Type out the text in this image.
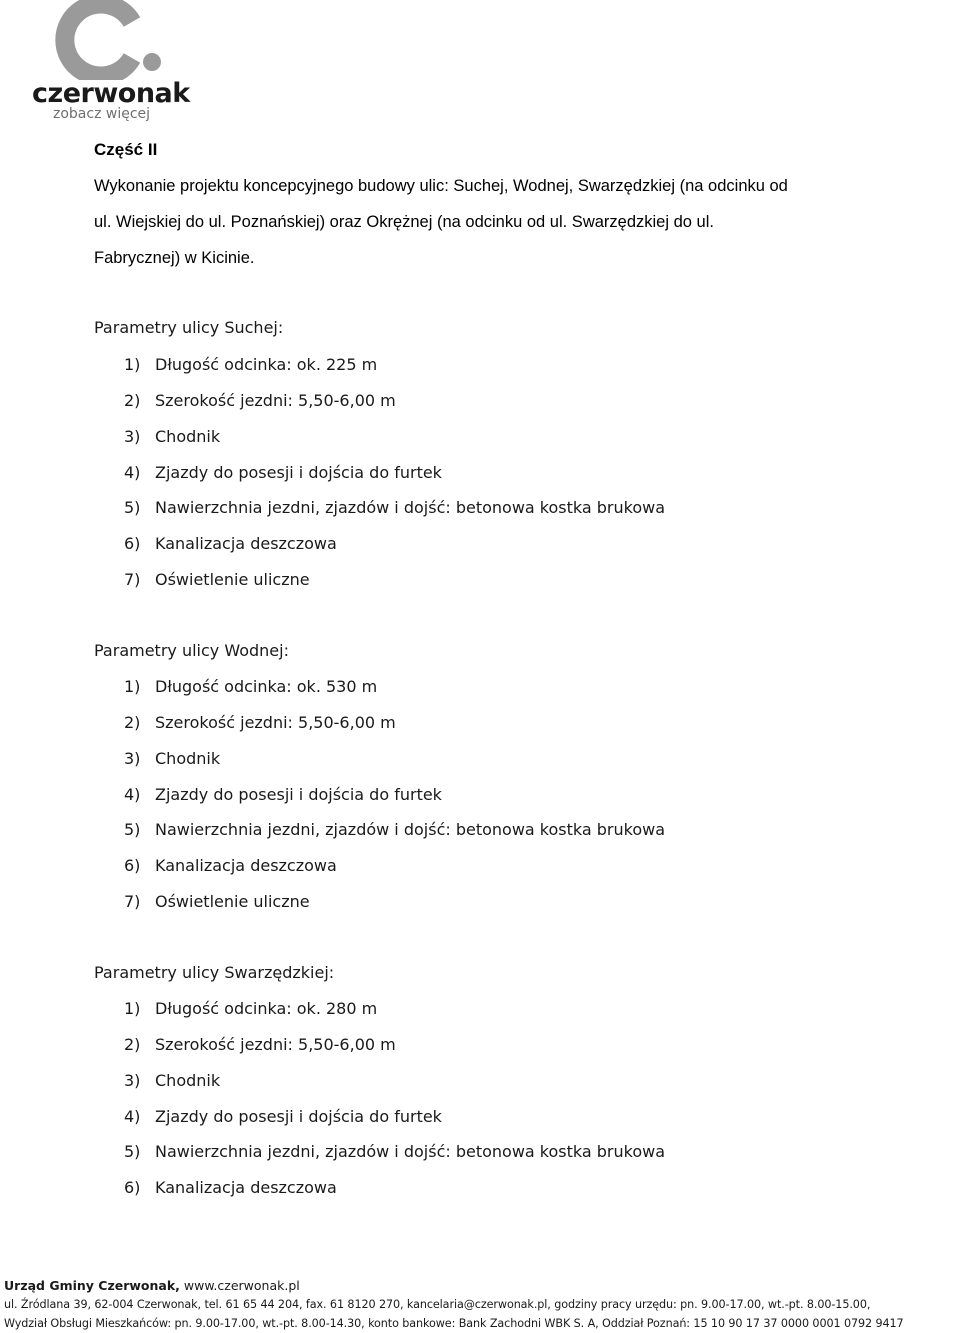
czerwonak
zobacz więcej
Część II
Wykonanie projektu koncepcyjnego budowy ulic: Suchej, Wodnej, Swarzędzkiej (na odcinku od
ul. Wiejskiej do ul. Poznańskiej) oraz Okrężnej (na odcinku od ul. Swarzędzkiej do ul.
Fabrycznej) w Kicinie.
Parametry ulicy Suchej:
1) Długość odcinka: ok. 225 m
2) Szerokość jezdni: 5,50-6,00 m
3) Chodnik
4) Zjazdy do posesji i dojścia do furtek
5) Nawierzchnia jezdni, zjazdów i dojść: betonowa kostka brukowa
6) Kanalizacja deszczowa
7) Oświetlenie uliczne
Parametry ulicy Wodnej:
1) Długość odcinka: ok. 530 m
2) Szerokość jezdni: 5,50-6,00 m
3) Chodnik
4) Zjazdy do posesji i dojścia do furtek
5) Nawierzchnia jezdni, zjazdów i dojść: betonowa kostka brukowa
6) Kanalizacja deszczowa
7) Oświetlenie uliczne
Parametry ulicy Swarzędzkiej:
1) Długość odcinka: ok. 280 m
2) Szerokość jezdni: 5,50-6,00 m
3) Chodnik
4) Zjazdy do posesji i dojścia do furtek
5) Nawierzchnia jezdni, zjazdów i dojść: betonowa kostka brukowa
6) Kanalizacja deszczowa
Urząd Gminy Czerwonak, www.czerwonak.pl
ul. Źródlana 39, 62-004 Czerwonak, tel. 61 65 44 204, fax. 61 8120 270, kancelaria@czerwonak.pl, godziny pracy urzędu: pn. 9.00-17.00, wt.-pt. 8.00-15.00,
Wydział Obsługi Mieszkańców: pn. 9.00-17.00, wt.-pt. 8.00-14.30, konto bankowe: Bank Zachodni WBK S. A, Oddział Poznań: 15 10 90 17 37 0000 0001 0792 9417
